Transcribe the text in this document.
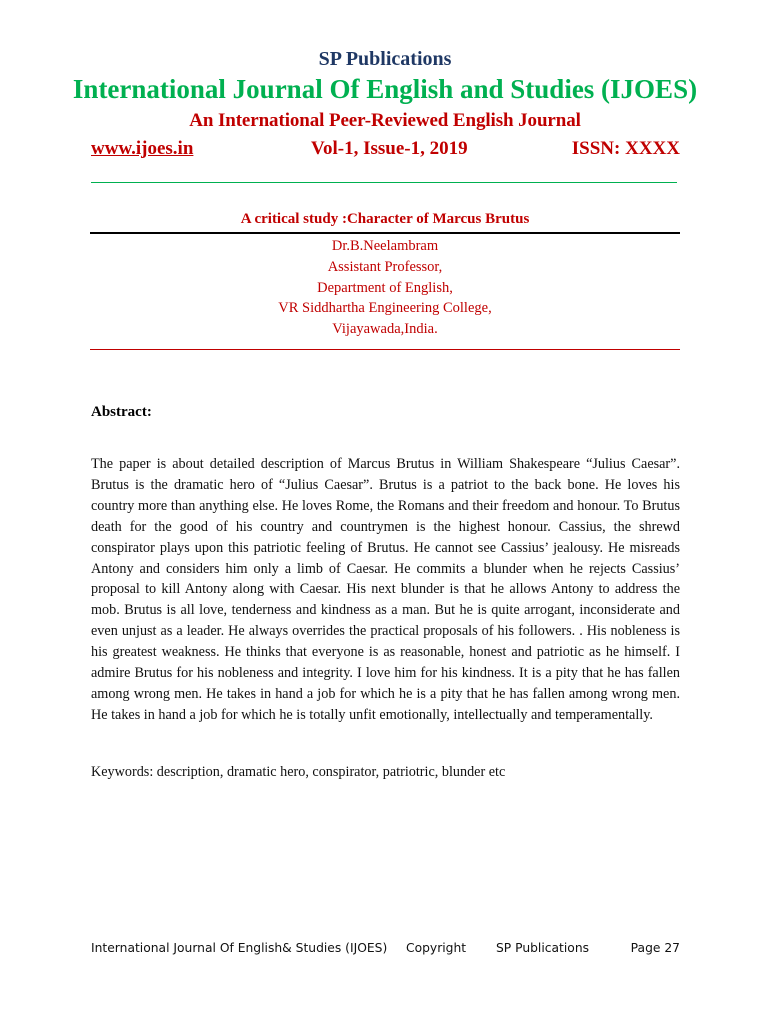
SP Publications
International Journal Of English and Studies (IJOES)
An International Peer-Reviewed English Journal
www.ijoes.in	Vol-1, Issue-1, 2019	ISSN: XXXX
A critical study :Character of Marcus Brutus
Dr.B.Neelambram
Assistant Professor,
Department of English,
VR Siddhartha Engineering College,
Vijayawada,India.
Abstract:
The paper is about detailed description of Marcus Brutus in William Shakespeare “Julius Caesar”. Brutus is the dramatic hero of “Julius Caesar”. Brutus is a patriot to the back bone. He loves his country more than anything else. He loves Rome, the Romans and their freedom and honour. To Brutus death for the good of his country and countrymen is the highest honour. Cassius, the shrewd conspirator plays upon this patriotic feeling of Brutus. He cannot see Cassius’ jealousy. He misreads Antony and considers him only a limb of Caesar. He commits a blunder when he rejects Cassius’ proposal to kill Antony along with Caesar. His next blunder is that he allows Antony to address the mob. Brutus is all love, tenderness and kindness as a man. But he is quite arrogant, inconsiderate and even unjust as a leader. He always overrides the practical proposals of his followers. . His nobleness is his greatest weakness. He thinks that everyone is as reasonable, honest and patriotic as he himself. I admire Brutus for his nobleness and integrity. I love him for his kindness. It is a pity that he has fallen among wrong men. He takes in hand a job for which he is a pity that he has fallen among wrong men. He takes in hand a job for which he is totally unfit emotionally, intellectually and temperamentally.
Keywords: description, dramatic hero, conspirator, patriotric, blunder etc
International Journal Of English& Studies (IJOES) Copyright SP Publications	Page 27
